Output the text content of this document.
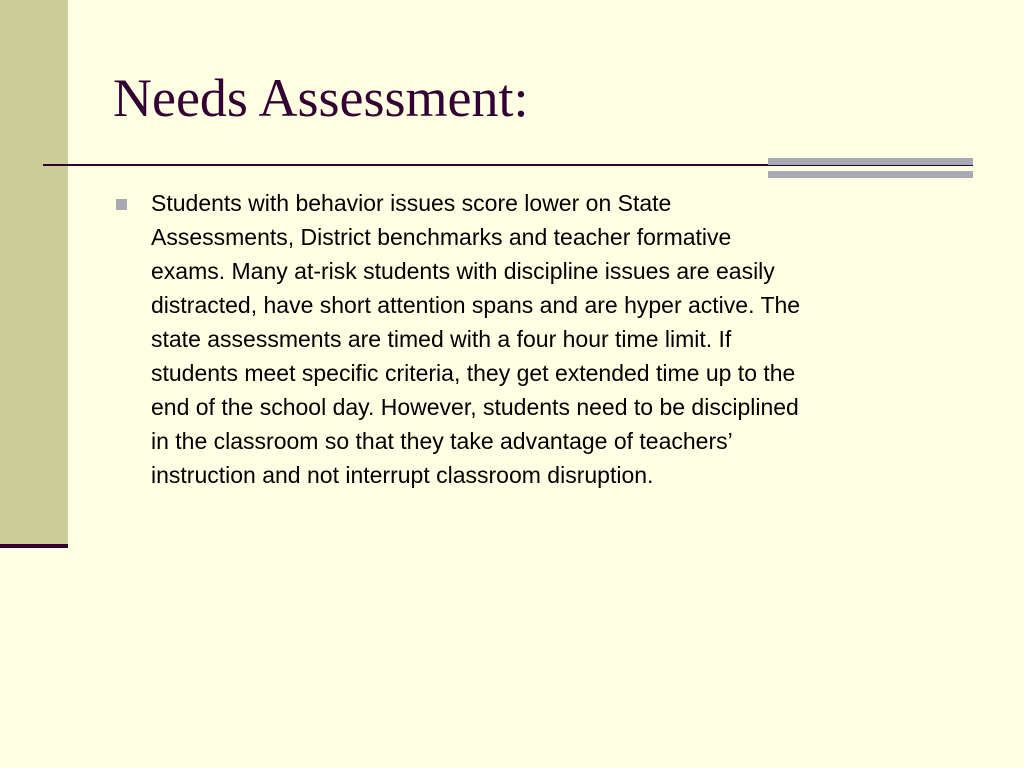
Needs Assessment:

Students with behavior issues score lower on State
Assessments, District benchmarks and teacher formative
exams. Many at-risk students with discipline issues are easily
distracted, have short attention spans and are hyper active. The
state assessments are timed with a four hour time limit. If
students meet specific criteria, they get extended time up to the
end of the school day. However, students need to be disciplined
in the classroom so that they take advantage of teachers’
instruction and not interrupt classroom disruption.
